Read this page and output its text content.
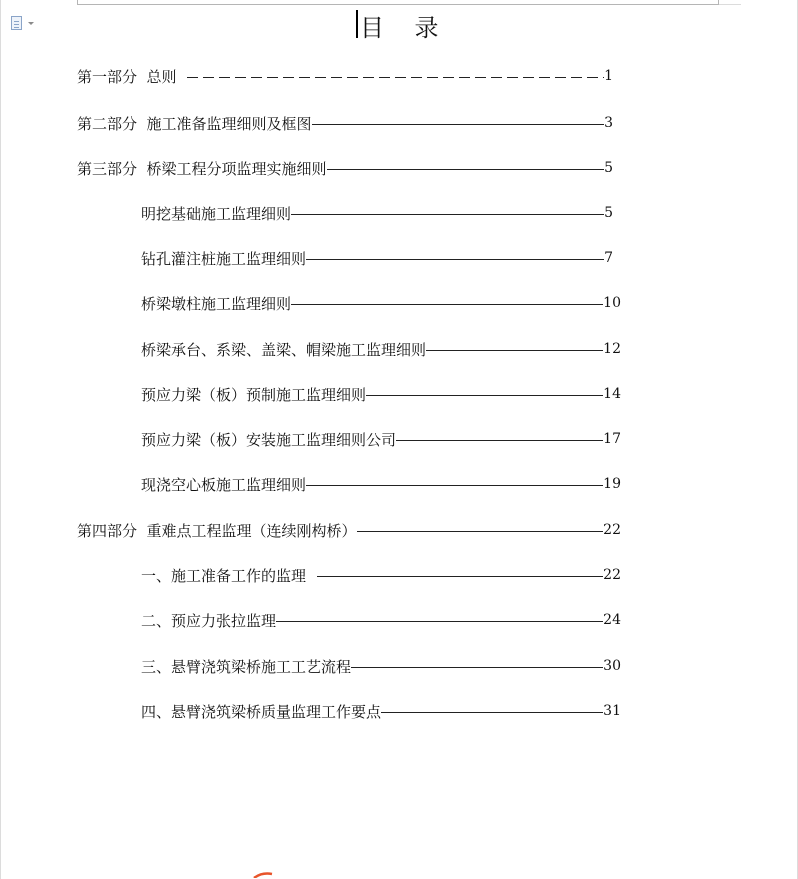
目    录
第一部分  总则	1
第二部分  施工准备监理细则及框图	3
第三部分  桥梁工程分项监理实施细则	5
明挖基础施工监理细则	5
钻孔灌注桩施工监理细则	7
桥梁墩柱施工监理细则	10
桥梁承台、系梁、盖梁、帽梁施工监理细则	12
预应力梁（板）预制施工监理细则	14
预应力梁（板）安装施工监理细则公司	17
现浇空心板施工监理细则	19
第四部分  重难点工程监理（连续刚构桥）	22
一、施工准备工作的监理	22
二、预应力张拉监理	24
三、悬臂浇筑梁桥施工工艺流程	30
四、悬臂浇筑梁桥质量监理工作要点	31
